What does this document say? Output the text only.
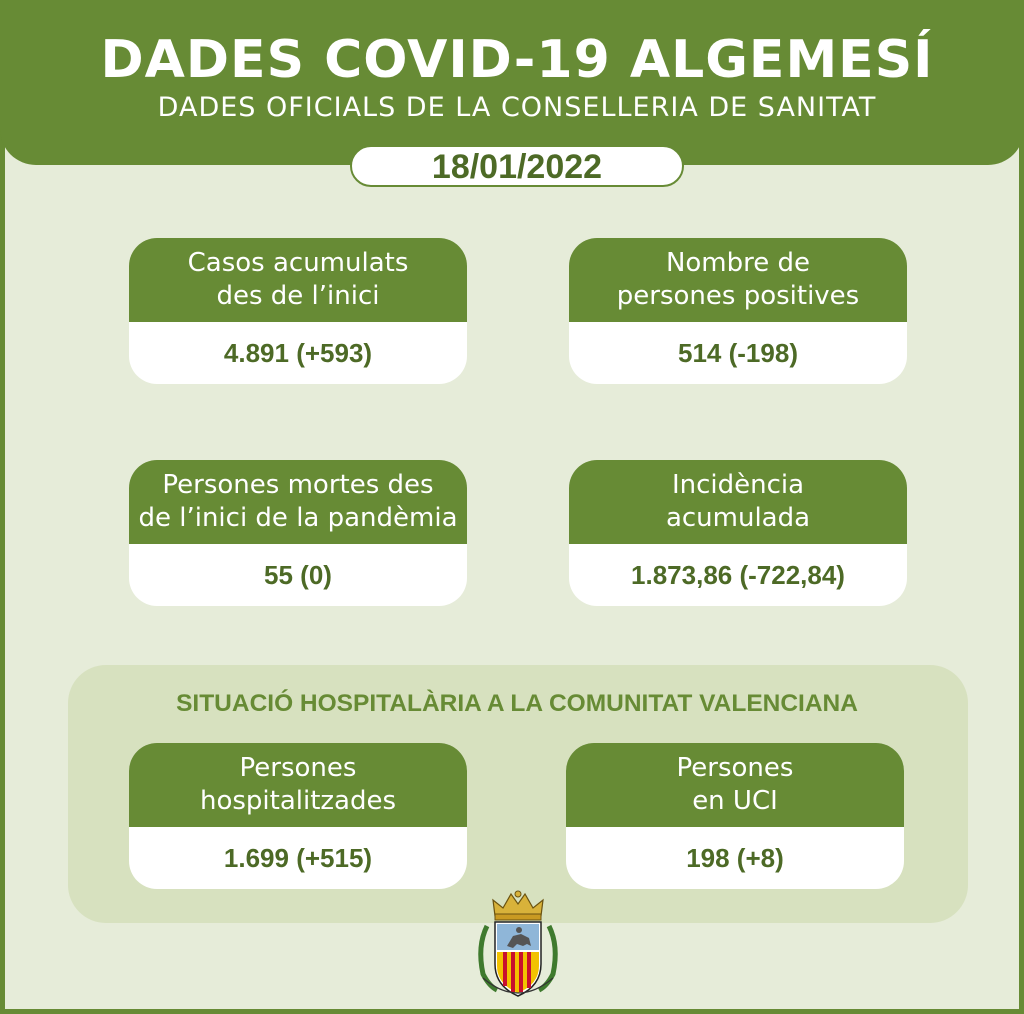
DADES COVID-19 ALGEMESÍ
DADES OFICIALS DE LA CONSELLERIA DE SANITAT
18/01/2022
Casos acumulats
des de l’inici
4.891 (+593)
Nombre de
persones positives
514 (-198)
Persones mortes des
de l’inici de la pandèmia
55 (0)
Incidència
acumulada
1.873,86 (-722,84)
SITUACIÓ HOSPITALÀRIA A LA COMUNITAT VALENCIANA
Persones
hospitalitzades
1.699 (+515)
Persones
en UCI
198 (+8)
